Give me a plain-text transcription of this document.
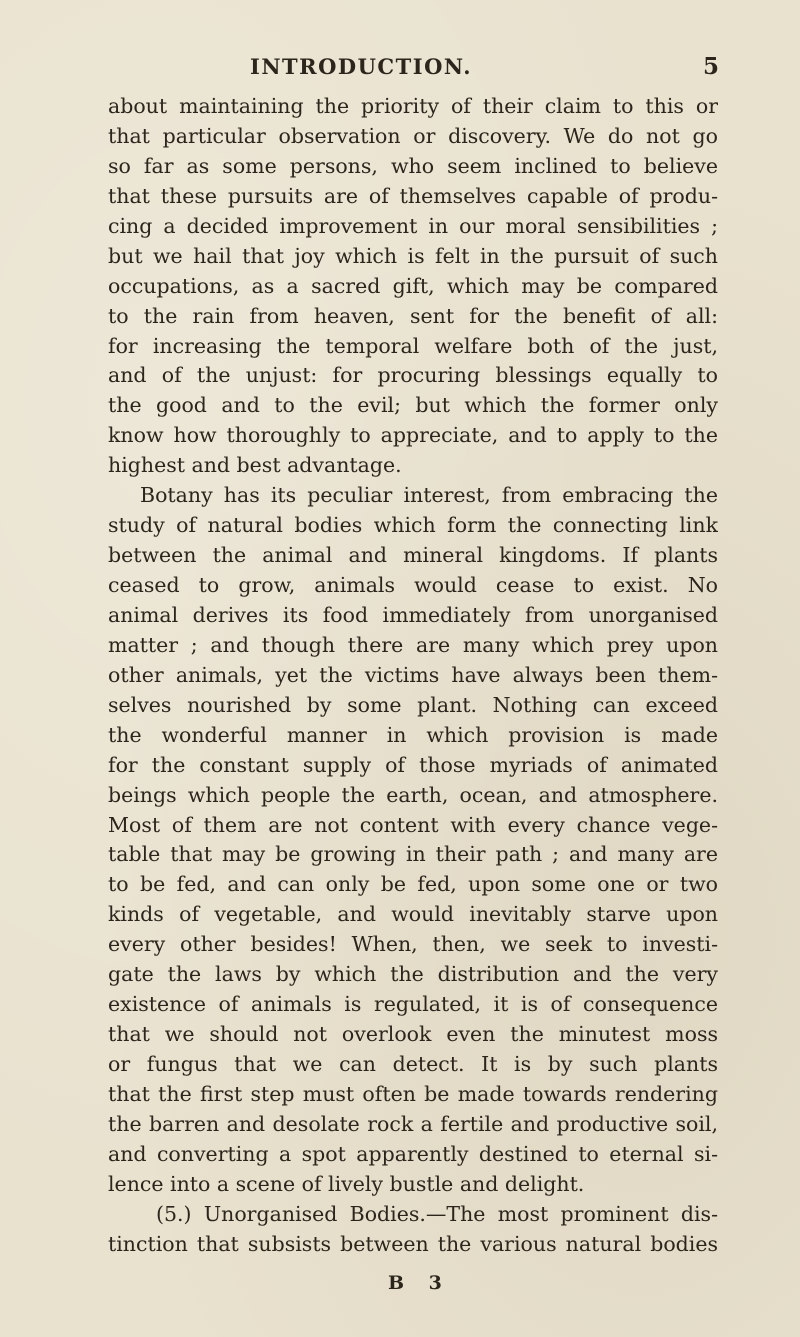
INTRODUCTION.	5
about maintaining the priority of their claim to this or
that particular observation or discovery. We do not go
so far as some persons, who seem inclined to believe
that these pursuits are of themselves capable of produ-
cing a decided improvement in our moral sensibilities ;
but we hail that joy which is felt in the pursuit of such
occupations, as a sacred gift, which may be compared
to the rain from heaven, sent for the benefit of all:
for increasing the temporal welfare both of the just,
and of the unjust: for procuring blessings equally to
the good and to the evil; but which the former only
know how thoroughly to appreciate, and to apply to the
highest and best advantage.
Botany has its peculiar interest, from embracing the
study of natural bodies which form the connecting link
between the animal and mineral kingdoms. If plants
ceased to grow, animals would cease to exist. No
animal derives its food immediately from unorganised
matter ; and though there are many which prey upon
other animals, yet the victims have always been them-
selves nourished by some plant. Nothing can exceed
the wonderful manner in which provision is made
for the constant supply of those myriads of animated
beings which people the earth, ocean, and atmosphere.
Most of them are not content with every chance vege-
table that may be growing in their path ; and many are
to be fed, and can only be fed, upon some one or two
kinds of vegetable, and would inevitably starve upon
every other besides! When, then, we seek to investi-
gate the laws by which the distribution and the very
existence of animals is regulated, it is of consequence
that we should not overlook even the minutest moss
or fungus that we can detect. It is by such plants
that the first step must often be made towards rendering
the barren and desolate rock a fertile and productive soil,
and converting a spot apparently destined to eternal si-
lence into a scene of lively bustle and delight.
(5.) Unorganised Bodies.—The most prominent dis-
tinction that subsists between the various natural bodies
B 3
